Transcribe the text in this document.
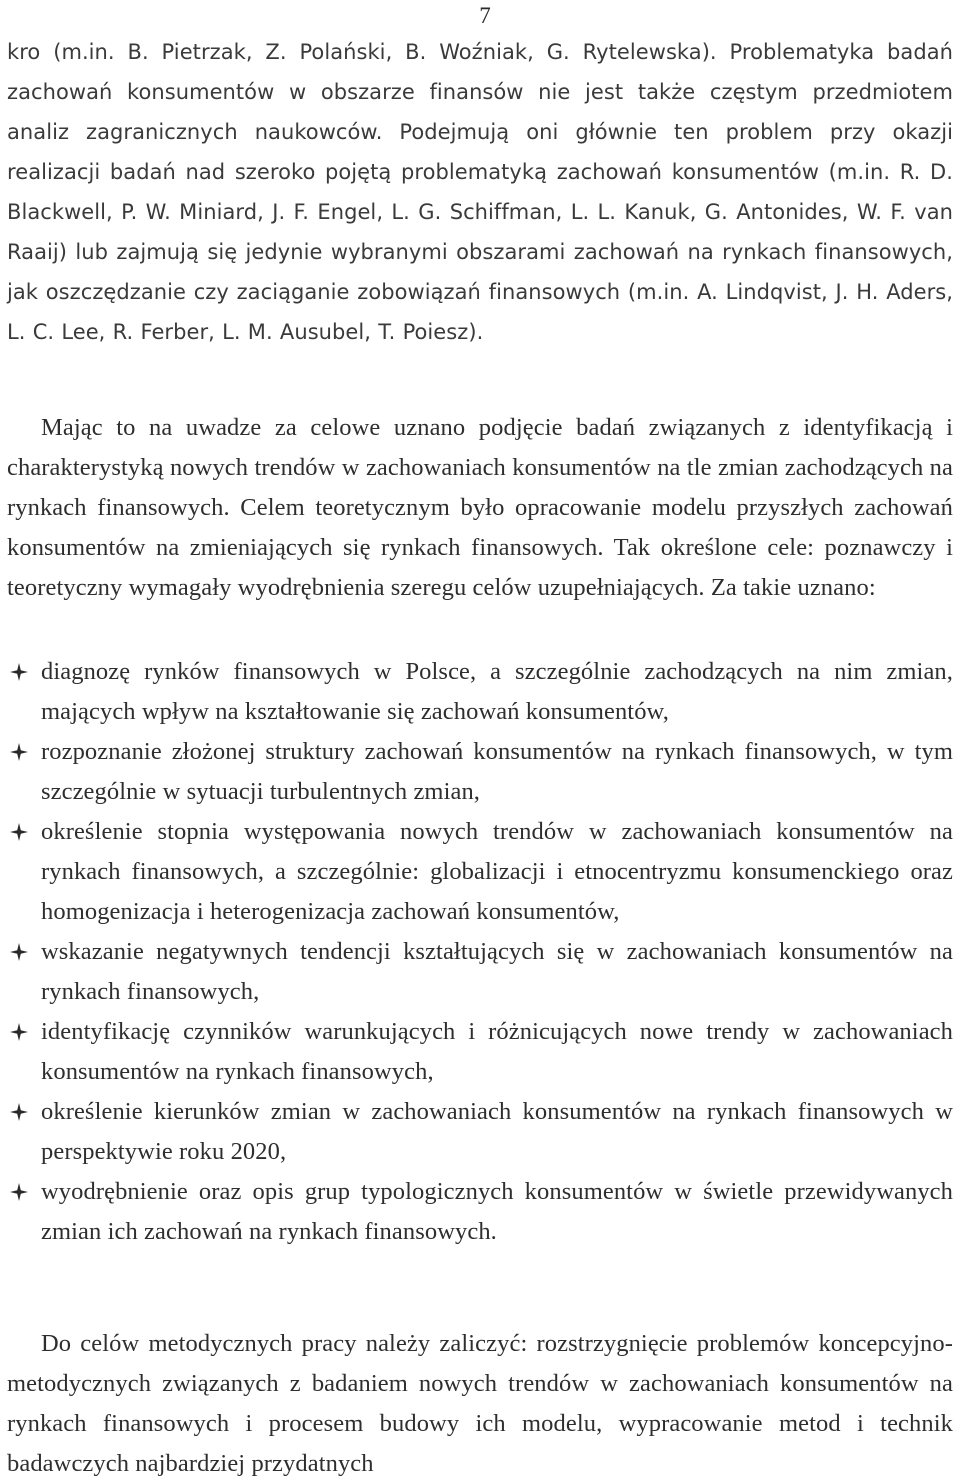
7

kro (m.in. B. Pietrzak, Z. Polański, B. Woźniak, G. Rytelewska). Problematyka badań zachowań konsumentów w obszarze finansów nie jest także częstym przedmiotem analiz zagranicznych naukowców. Podejmują oni głównie ten problem przy okazji realizacji badań nad szeroko pojętą problematyką zachowań konsumentów (m.in. R. D. Blackwell, P. W. Miniard, J. F. Engel, L. G. Schiffman, L. L. Kanuk, G. Antonides, W. F. van Raaij) lub zajmują się jedynie wybranymi obszarami zachowań na rynkach finansowych, jak oszczędzanie czy zaciąganie zobowiązań finansowych (m.in. A. Lindqvist, J. H. Aders, L. C. Lee, R. Ferber, L. M. Ausubel, T. Poiesz).

Mając to na uwadze za celowe uznano podjęcie badań związanych z identyfikacją i charakterystyką nowych trendów w zachowaniach konsumentów na tle zmian zachodzących na rynkach finansowych. Celem teoretycznym było opracowanie modelu przyszłych zachowań konsumentów na zmieniających się rynkach finansowych. Tak określone cele: poznawczy i teoretyczny wymagały wyodrębnienia szeregu celów uzupełniających. Za takie uznano:

diagnozę rynków finansowych w Polsce, a szczególnie zachodzących na nim zmian, mających wpływ na kształtowanie się zachowań konsumentów,
rozpoznanie złożonej struktury zachowań konsumentów na rynkach finansowych, w tym szczególnie w sytuacji turbulentnych zmian,
określenie stopnia występowania nowych trendów w zachowaniach konsumentów na rynkach finansowych, a szczególnie: globalizacji i etnocentryzmu konsumenckiego oraz homogenizacja i heterogenizacja zachowań konsumentów,
wskazanie negatywnych tendencji kształtujących się w zachowaniach konsumentów na rynkach finansowych,
identyfikację czynników warunkujących i różnicujących nowe trendy w zachowaniach konsumentów na rynkach finansowych,
określenie kierunków zmian w zachowaniach konsumentów na rynkach finansowych w perspektywie roku 2020,
wyodrębnienie oraz opis grup typologicznych konsumentów w świetle przewidywanych zmian ich zachowań na rynkach finansowych.

Do celów metodycznych pracy należy zaliczyć: rozstrzygnięcie problemów koncepcyjno-metodycznych związanych z badaniem nowych trendów w zachowaniach konsumentów na rynkach finansowych i procesem budowy ich modelu, wypracowanie metod i technik badawczych najbardziej przydatnych
